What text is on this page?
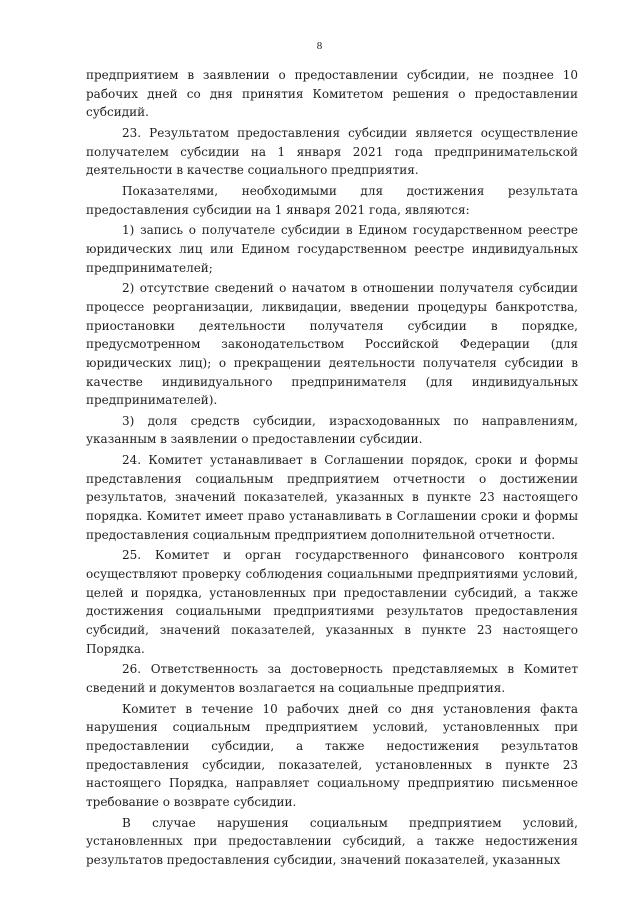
8

предприятием в заявлении о предоставлении субсидии, не позднее 10 рабочих дней со дня принятия Комитетом решения о предоставлении субсидий.

23. Результатом предоставления субсидии является осуществление получателем субсидии на 1 января 2021 года предпринимательской деятельности в качестве социального предприятия.

Показателями, необходимыми для достижения результата предоставления субсидии на 1 января 2021 года, являются:

1) запись о получателе субсидии в Едином государственном реестре юридических лиц или Едином государственном реестре индивидуальных предпринимателей;

2) отсутствие сведений о начатом в отношении получателя субсидии процессе реорганизации, ликвидации, введении процедуры банкротства, приостановки деятельности получателя субсидии в порядке, предусмотренном законодательством Российской Федерации (для юридических лиц); о прекращении деятельности получателя субсидии в качестве индивидуального предпринимателя (для индивидуальных предпринимателей).

3) доля средств субсидии, израсходованных по направлениям, указанным в заявлении о предоставлении субсидии.

24. Комитет устанавливает в Соглашении порядок, сроки и формы представления социальным предприятием отчетности о достижении результатов, значений показателей, указанных в пункте 23 настоящего порядка. Комитет имеет право устанавливать в Соглашении сроки и формы предоставления социальным предприятием дополнительной отчетности.

25. Комитет и орган государственного финансового контроля осуществляют проверку соблюдения социальными предприятиями условий, целей и порядка, установленных при предоставлении субсидий, а также достижения социальными предприятиями результатов предоставления субсидий, значений показателей, указанных в пункте 23 настоящего Порядка.

26. Ответственность за достоверность представляемых в Комитет сведений и документов возлагается на социальные предприятия.

Комитет в течение 10 рабочих дней со дня установления факта нарушения социальным предприятием условий, установленных при предоставлении субсидии, а также недостижения результатов предоставления субсидии, показателей, установленных в пункте 23 настоящего Порядка, направляет социальному предприятию письменное требование о возврате субсидии.

В случае нарушения социальным предприятием условий, установленных при предоставлении субсидий, а также недостижения результатов предоставления субсидии, значений показателей, указанных
